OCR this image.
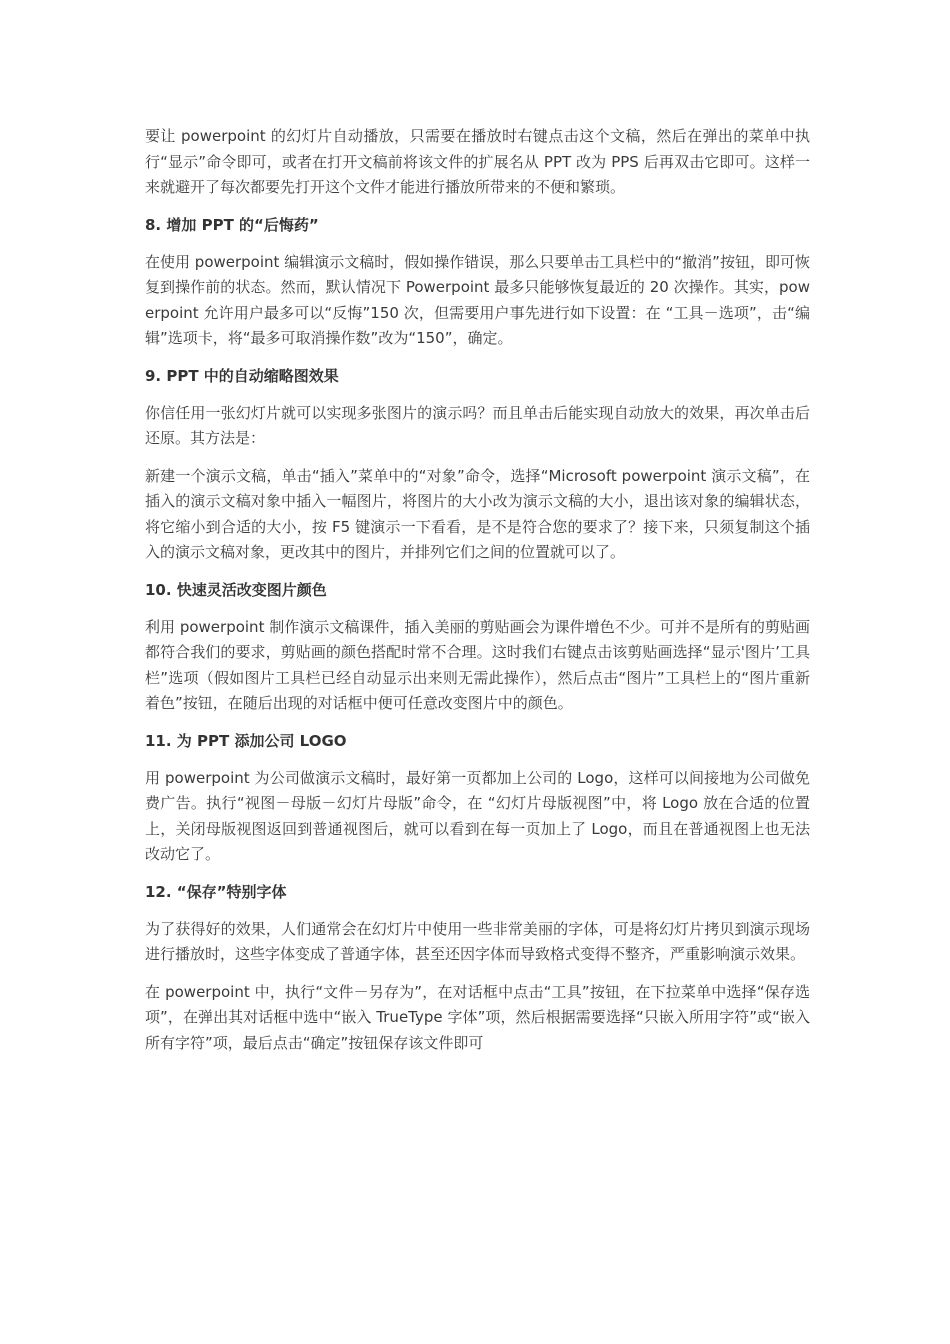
要让 powerpoint 的幻灯片自动播放，只需要在播放时右键点击这个文稿，然后在弹出的菜单中执行“显示”命令即可，或者在打开文稿前将该文件的扩展名从 PPT 改为 PPS 后再双击它即可。这样一来就避开了每次都要先打开这个文件才能进行播放所带来的不便和繁琐。

8. 增加 PPT 的“后悔药”

在使用 powerpoint 编辑演示文稿时，假如操作错误，那么只要单击工具栏中的“撤消”按钮，即可恢复到操作前的状态。然而，默认情况下 Powerpoint 最多只能够恢复最近的 20 次操作。其实，powerpoint 允许用户最多可以“反悔”150 次，但需要用户事先进行如下设置：在 “工具－选项”，击“编辑”选项卡，将“最多可取消操作数”改为“150”，确定。

9. PPT 中的自动缩略图效果

你信任用一张幻灯片就可以实现多张图片的演示吗？而且单击后能实现自动放大的效果，再次单击后还原。其方法是：

新建一个演示文稿，单击“插入”菜单中的“对象”命令，选择“Microsoft powerpoint 演示文稿”，在插入的演示文稿对象中插入一幅图片，将图片的大小改为演示文稿的大小，退出该对象的编辑状态，将它缩小到合适的大小，按 F5 键演示一下看看，是不是符合您的要求了？接下来，只须复制这个插入的演示文稿对象，更改其中的图片，并排列它们之间的位置就可以了。

10. 快速灵活改变图片颜色

利用 powerpoint 制作演示文稿课件，插入美丽的剪贴画会为课件增色不少。可并不是所有的剪贴画都符合我们的要求，剪贴画的颜色搭配时常不合理。这时我们右键点击该剪贴画选择“显示'图片’工具栏”选项（假如图片工具栏已经自动显示出来则无需此操作），然后点击“图片”工具栏上的“图片重新着色”按钮，在随后出现的对话框中便可任意改变图片中的颜色。

11. 为 PPT 添加公司 LOGO

用 powerpoint 为公司做演示文稿时，最好第一页都加上公司的 Logo，这样可以间接地为公司做免费广告。执行“视图－母版－幻灯片母版”命令，在 “幻灯片母版视图”中，将 Logo 放在合适的位置上，关闭母版视图返回到普通视图后，就可以看到在每一页加上了 Logo，而且在普通视图上也无法改动它了。

12. “保存”特别字体

为了获得好的效果，人们通常会在幻灯片中使用一些非常美丽的字体，可是将幻灯片拷贝到演示现场进行播放时，这些字体变成了普通字体，甚至还因字体而导致格式变得不整齐，严重影响演示效果。

在 powerpoint 中，执行“文件－另存为”，在对话框中点击“工具”按钮，在下拉菜单中选择“保存选项”，在弹出其对话框中选中“嵌入 TrueType 字体”项，然后根据需要选择“只嵌入所用字符”或“嵌入所有字符”项，最后点击“确定”按钮保存该文件即可
